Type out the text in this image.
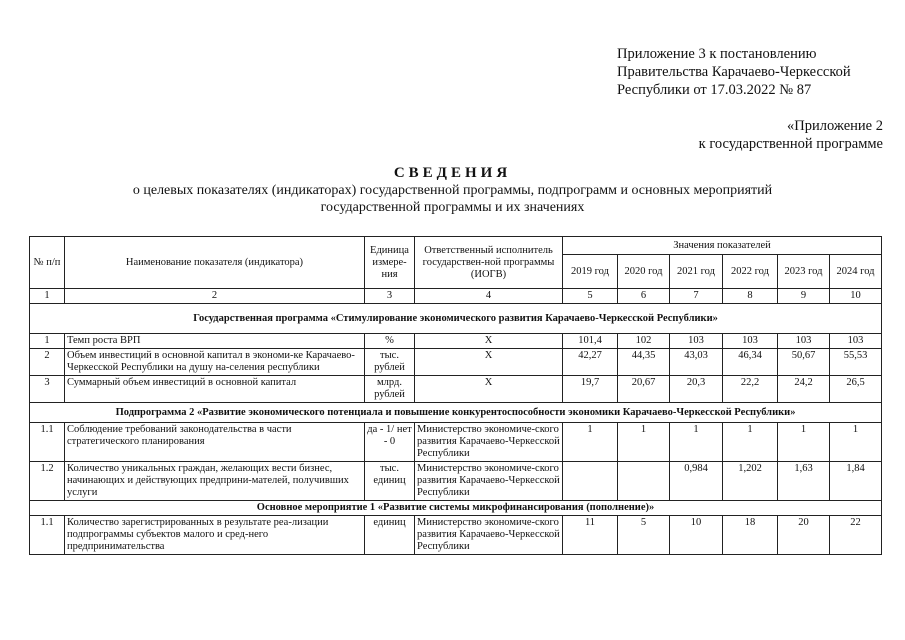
Приложение 3 к постановлению
Правительства Карачаево-Черкесской
Республики от 17.03.2022 № 87
«Приложение 2
к государственной программе
СВЕДЕНИЯ
о целевых показателях (индикаторах) государственной программы, подпрограмм и основных мероприятий
государственной программы и их значениях
№ п/п	Наименование показателя (индикатора)	Единица измере-ния	Ответственный исполнитель государствен-ной программы (ИОГВ)	Значения показателей					
				2019 год	2020 год	2021 год	2022 год	2023 год	2024 год
1	2	3	4	5	6	7	8	9	10
Государственная программа «Стимулирование экономического развития Карачаево-Черкесской Республики»									
1	Темп роста ВРП	%	Х	101,4	102	103	103	103	103
2	Объем инвестиций в основной капитал в экономи-ке Карачаево-Черкесской Республики на душу на-селения республики	тыс. рублей	Х	42,27	44,35	43,03	46,34	50,67	55,53
3	Суммарный объем инвестиций в основной капитал	млрд. рублей	Х	19,7	20,67	20,3	22,2	24,2	26,5
Подпрограмма 2 «Развитие экономического потенциала и повышение конкурентоспособности экономики Карачаево-Черкесской Республики»									
1.1	Соблюдение требований законодательства в части стратегического планирования	да - 1/ нет - 0	Министерство экономиче-ского развития Карачаево-Черкесской Республики	1	1	1	1	1	1
1.2	Количество уникальных граждан, желающих вести бизнес, начинающих и действующих предприни-мателей, получивших услуги	тыс. единиц	Министерство экономиче-ского развития Карачаево-Черкесской Республики			0,984	1,202	1,63	1,84
Основное мероприятие 1 «Развитие системы микрофинансирования (пополнение)»									
1.1	Количество зарегистрированных в результате реа-лизации подпрограммы субъектов малого и сред-него предпринимательства	единиц	Министерство экономиче-ского развития Карачаево-Черкесской Республики	11	5	10	18	20	22
